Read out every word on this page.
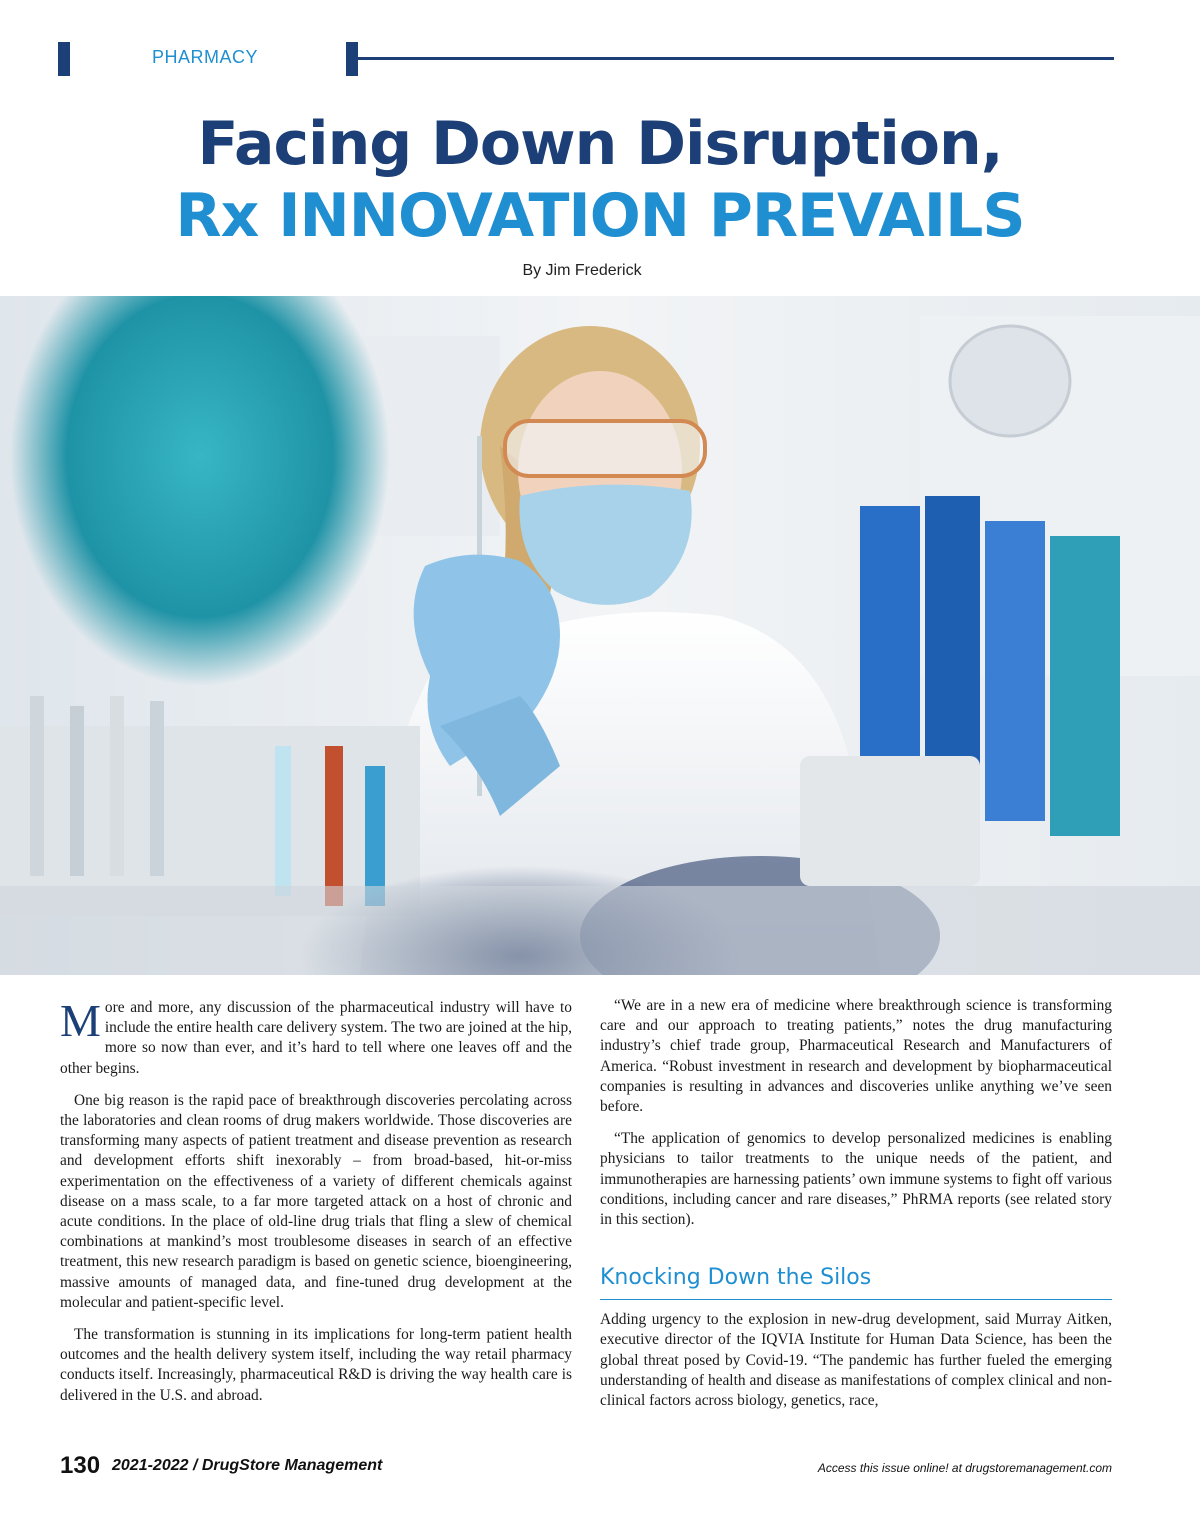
PHARMACY
Facing Down Disruption,
Rx INNOVATION PREVAILS
By Jim Frederick

More and more, any discussion of the pharmaceutical industry will have to include the entire health care delivery system. The two are joined at the hip, more so now than ever, and it’s hard to tell where one leaves off and the other begins.

One big reason is the rapid pace of breakthrough discoveries percolating across the laboratories and clean rooms of drug makers worldwide. Those discoveries are transforming many aspects of patient treatment and disease prevention as research and development efforts shift inexorably – from broad-based, hit-or-miss experimentation on the effectiveness of a variety of different chemicals against disease on a mass scale, to a far more targeted attack on a host of chronic and acute conditions. In the place of old-line drug trials that fling a slew of chemical combinations at mankind’s most troublesome diseases in search of an effective treatment, this new research paradigm is based on genetic science, bioengineering, massive amounts of managed data, and fine-tuned drug development at the molecular and patient-specific level.

The transformation is stunning in its implications for long-term patient health outcomes and the health delivery system itself, including the way retail pharmacy conducts itself. Increasingly, pharmaceutical R&D is driving the way health care is delivered in the U.S. and abroad.

“We are in a new era of medicine where breakthrough science is transforming care and our approach to treating patients,” notes the drug manufacturing industry’s chief trade group, Pharmaceutical Research and Manufacturers of America. “Robust investment in research and development by biopharmaceutical companies is resulting in advances and discoveries unlike anything we’ve seen before.

“The application of genomics to develop personalized medicines is enabling physicians to tailor treatments to the unique needs of the patient, and immunotherapies are harnessing patients’ own immune systems to fight off various conditions, including cancer and rare diseases,” PhRMA reports (see related story in this section).

Knocking Down the Silos

Adding urgency to the explosion in new-drug development, said Murray Aitken, executive director of the IQVIA Institute for Human Data Science, has been the global threat posed by Covid-19. “The pandemic has further fueled the emerging understanding of health and disease as manifestations of complex clinical and non-clinical factors across biology, genetics, race,

130 2021-2022 / DrugStore Management	Access this issue online! at drugstoremanagement.com
